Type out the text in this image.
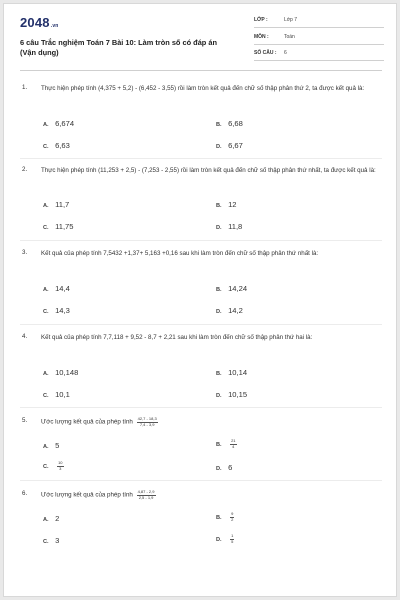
2048.vn
6 câu Trắc nghiệm Toán 7 Bài 10: Làm tròn số có đáp án (Vận dụng)
LỚP :	Lớp 7
MÔN :	Toán
SỐ CÂU : 6
1. Thực hiện phép tính (4,375 + 5,2) - (6,452 - 3,55) rồi làm tròn kết quả đến chữ số thập phân thứ 2, ta được kết quả là:
A. 6,674	B. 6,68
C. 6,63	D. 6,67
2. Thực hiện phép tính (11,253 + 2,5) - (7,253 - 2,55) rồi làm tròn kết quả đến chữ số thập phân thứ nhất, ta được kết quả là:
A. 11,7	B. 12
C. 11,75	D. 11,8
3. Kết quả của phép tính 7,5432 +1,37+ 5,163 +0,16 sau khi làm tròn đến chữ số thập phân thứ nhất là:
A. 14,4	B. 14,24
C. 14,3	D. 14,2
4. Kết quả của phép tính 7,7,118 + 9,52 - 8,7 + 2,21 sau khi làm tròn đến chữ số thập phân thứ hai là:
A. 10,148	B. 10,14
C. 10,1	D. 10,15
5. Ước lượng kết quả của phép tính $\frac{42,7 - 18,3}{7,4 - 3,9}$
A. 5	B. $\frac{21}{4}$
C. $\frac{10}{3}$	D. 6
6. Ước lượng kết quả của phép tính $\frac{4,87 - 2,9}{2,5 - 1,9}$
A. 2	B. $\frac{9}{2}$
C. 3	D. $\frac{1}{5}$
